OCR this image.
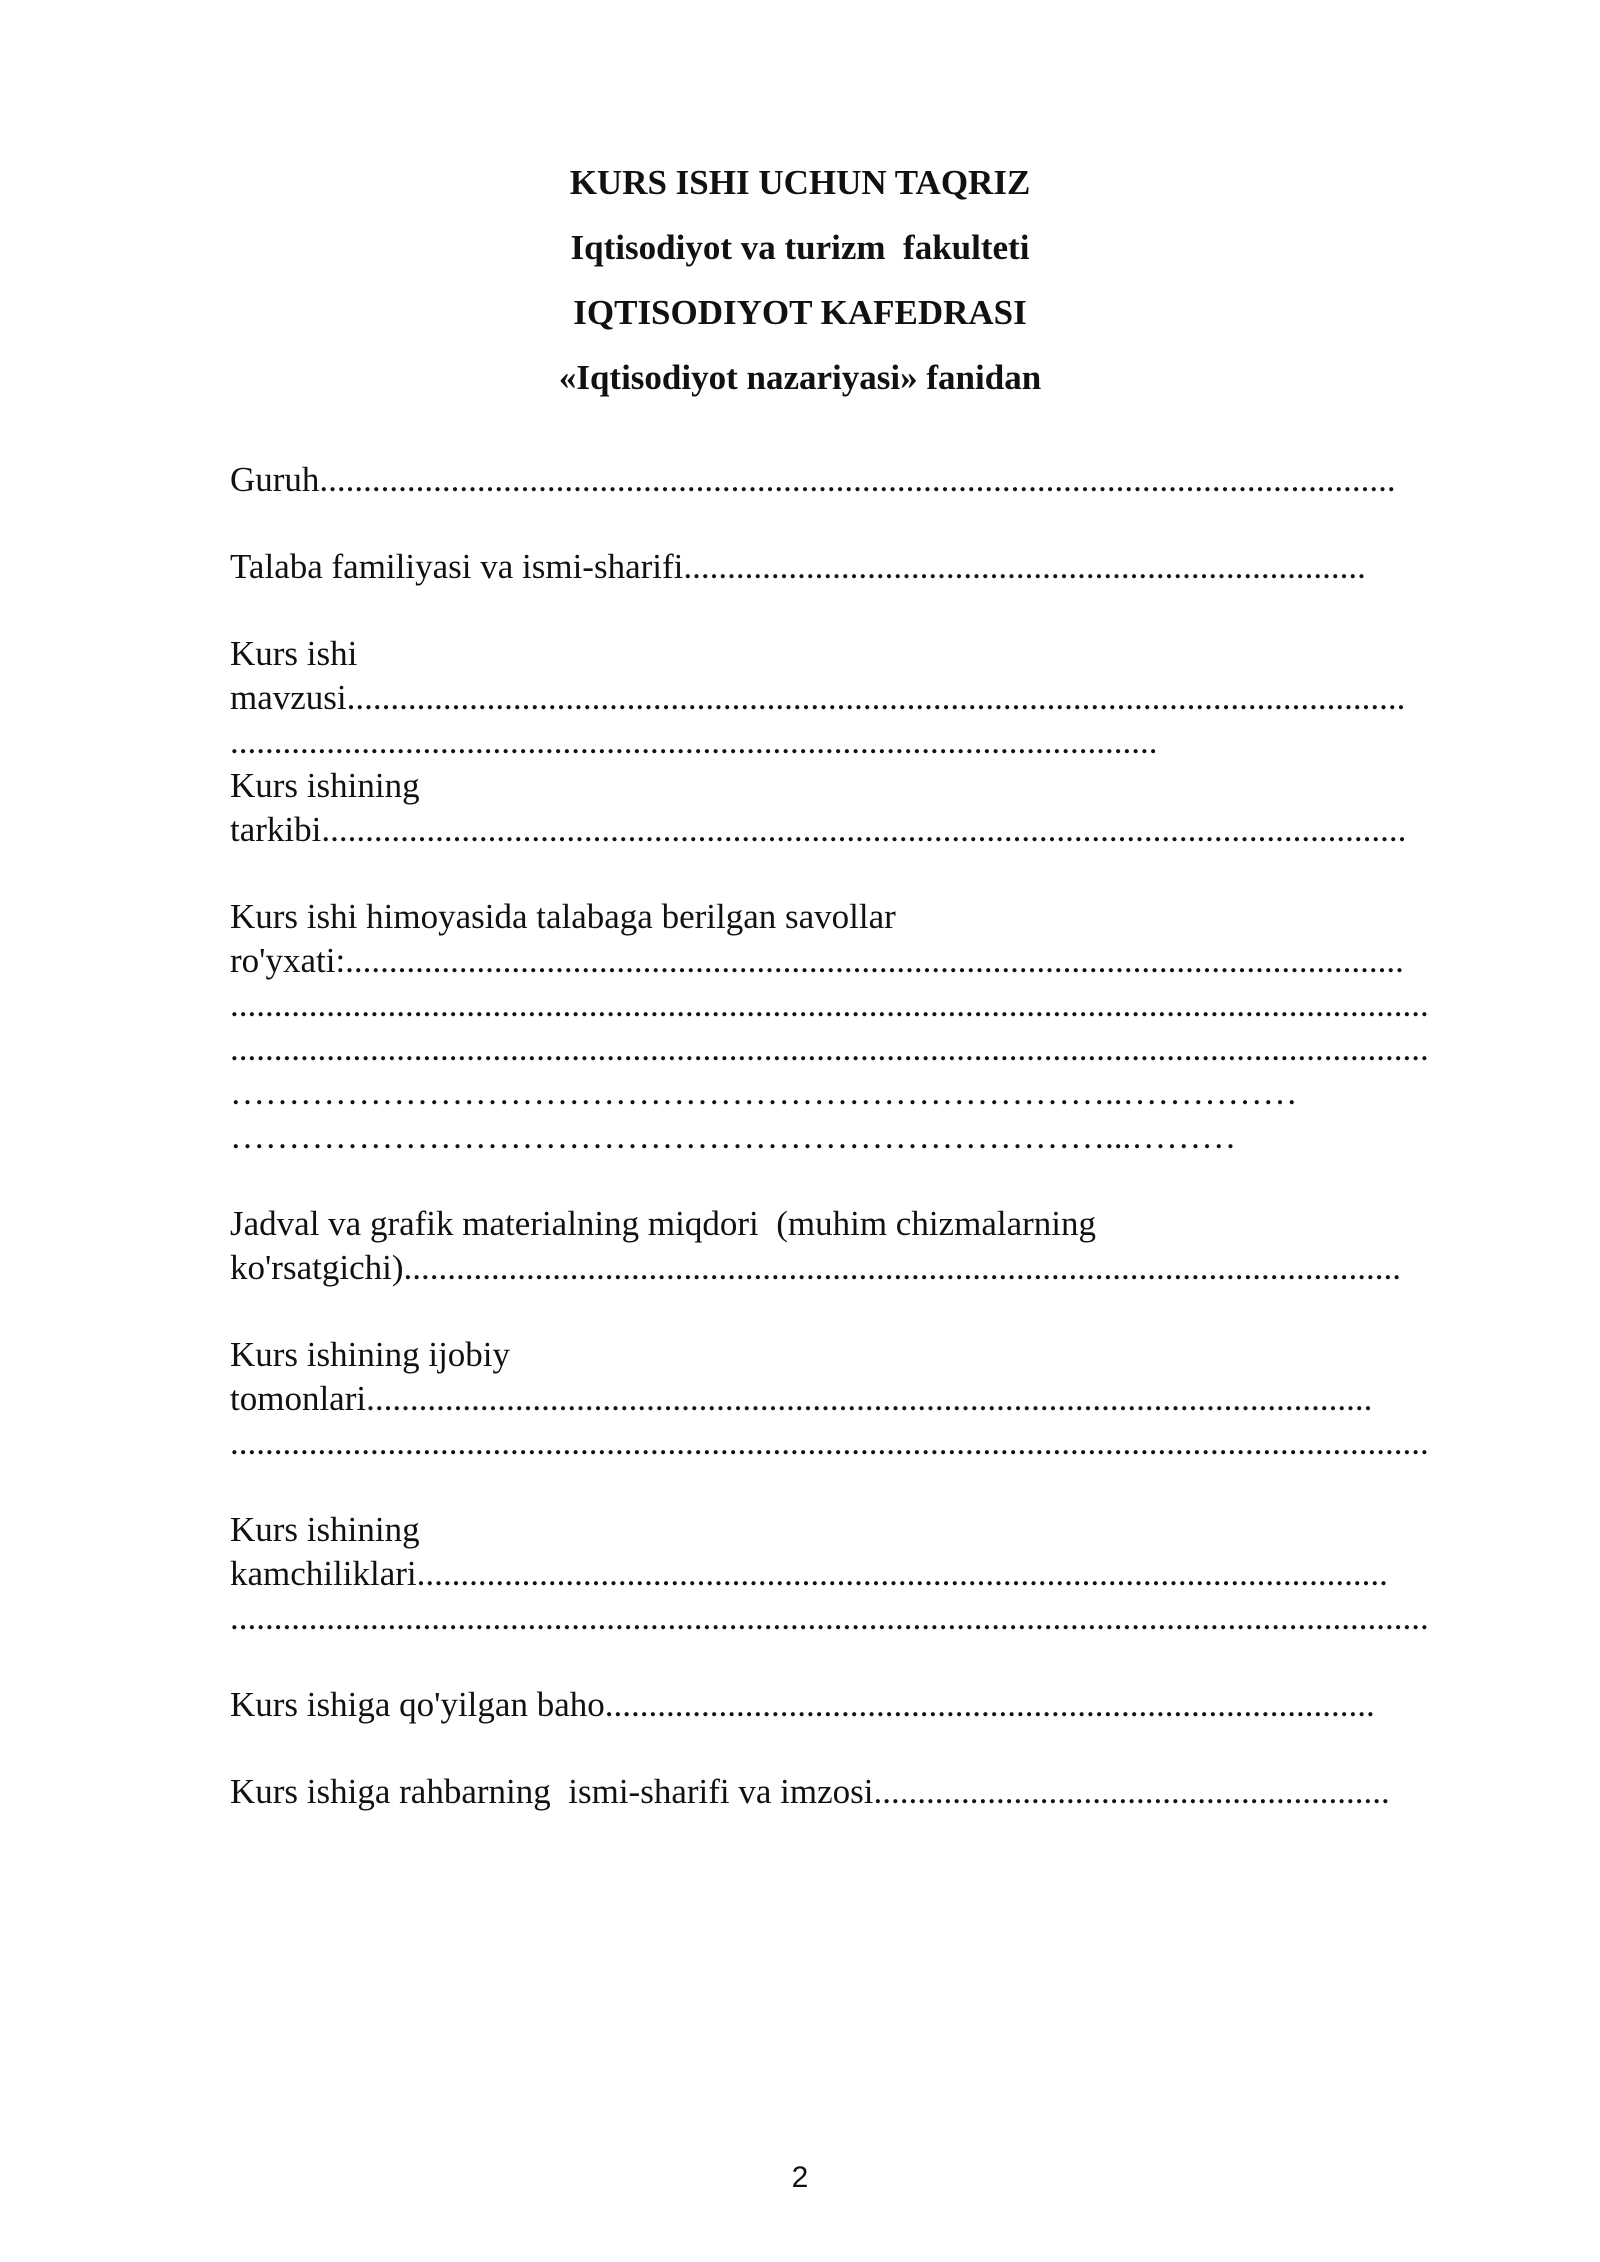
KURS ISHI UCHUN TAQRIZ
Iqtisodiyot va turizm  fakulteti
IQTISODIYOT KAFEDRASI
«Iqtisodiyot nazariyasi» fanidan
Guruh...........................................................................................................................
Talaba familiyasi va ismi-sharifi..............................................................................
Kurs ishi
mavzusi.........................................................................................................................
..........................................................................................................
Kurs ishining
tarkibi............................................................................................................................
Kurs ishi himoyasida talabaga berilgan savollar
ro'yxati:.........................................................................................................................
.........................................................................................................................................
.........................................................................................................................................
…………………………………………………………………..……………
…………………………………………………………………...………
Jadval va grafik materialning miqdori  (muhim chizmalarning
ko'rsatgichi)..................................................................................................................
Kurs ishining ijobiy
tomonlari...................................................................................................................
.........................................................................................................................................
Kurs ishining
kamchiliklari...............................................................................................................
.........................................................................................................................................
Kurs ishiga qo'yilgan baho........................................................................................
Kurs ishiga rahbarning  ismi-sharifi va imzosi...........................................................
2
